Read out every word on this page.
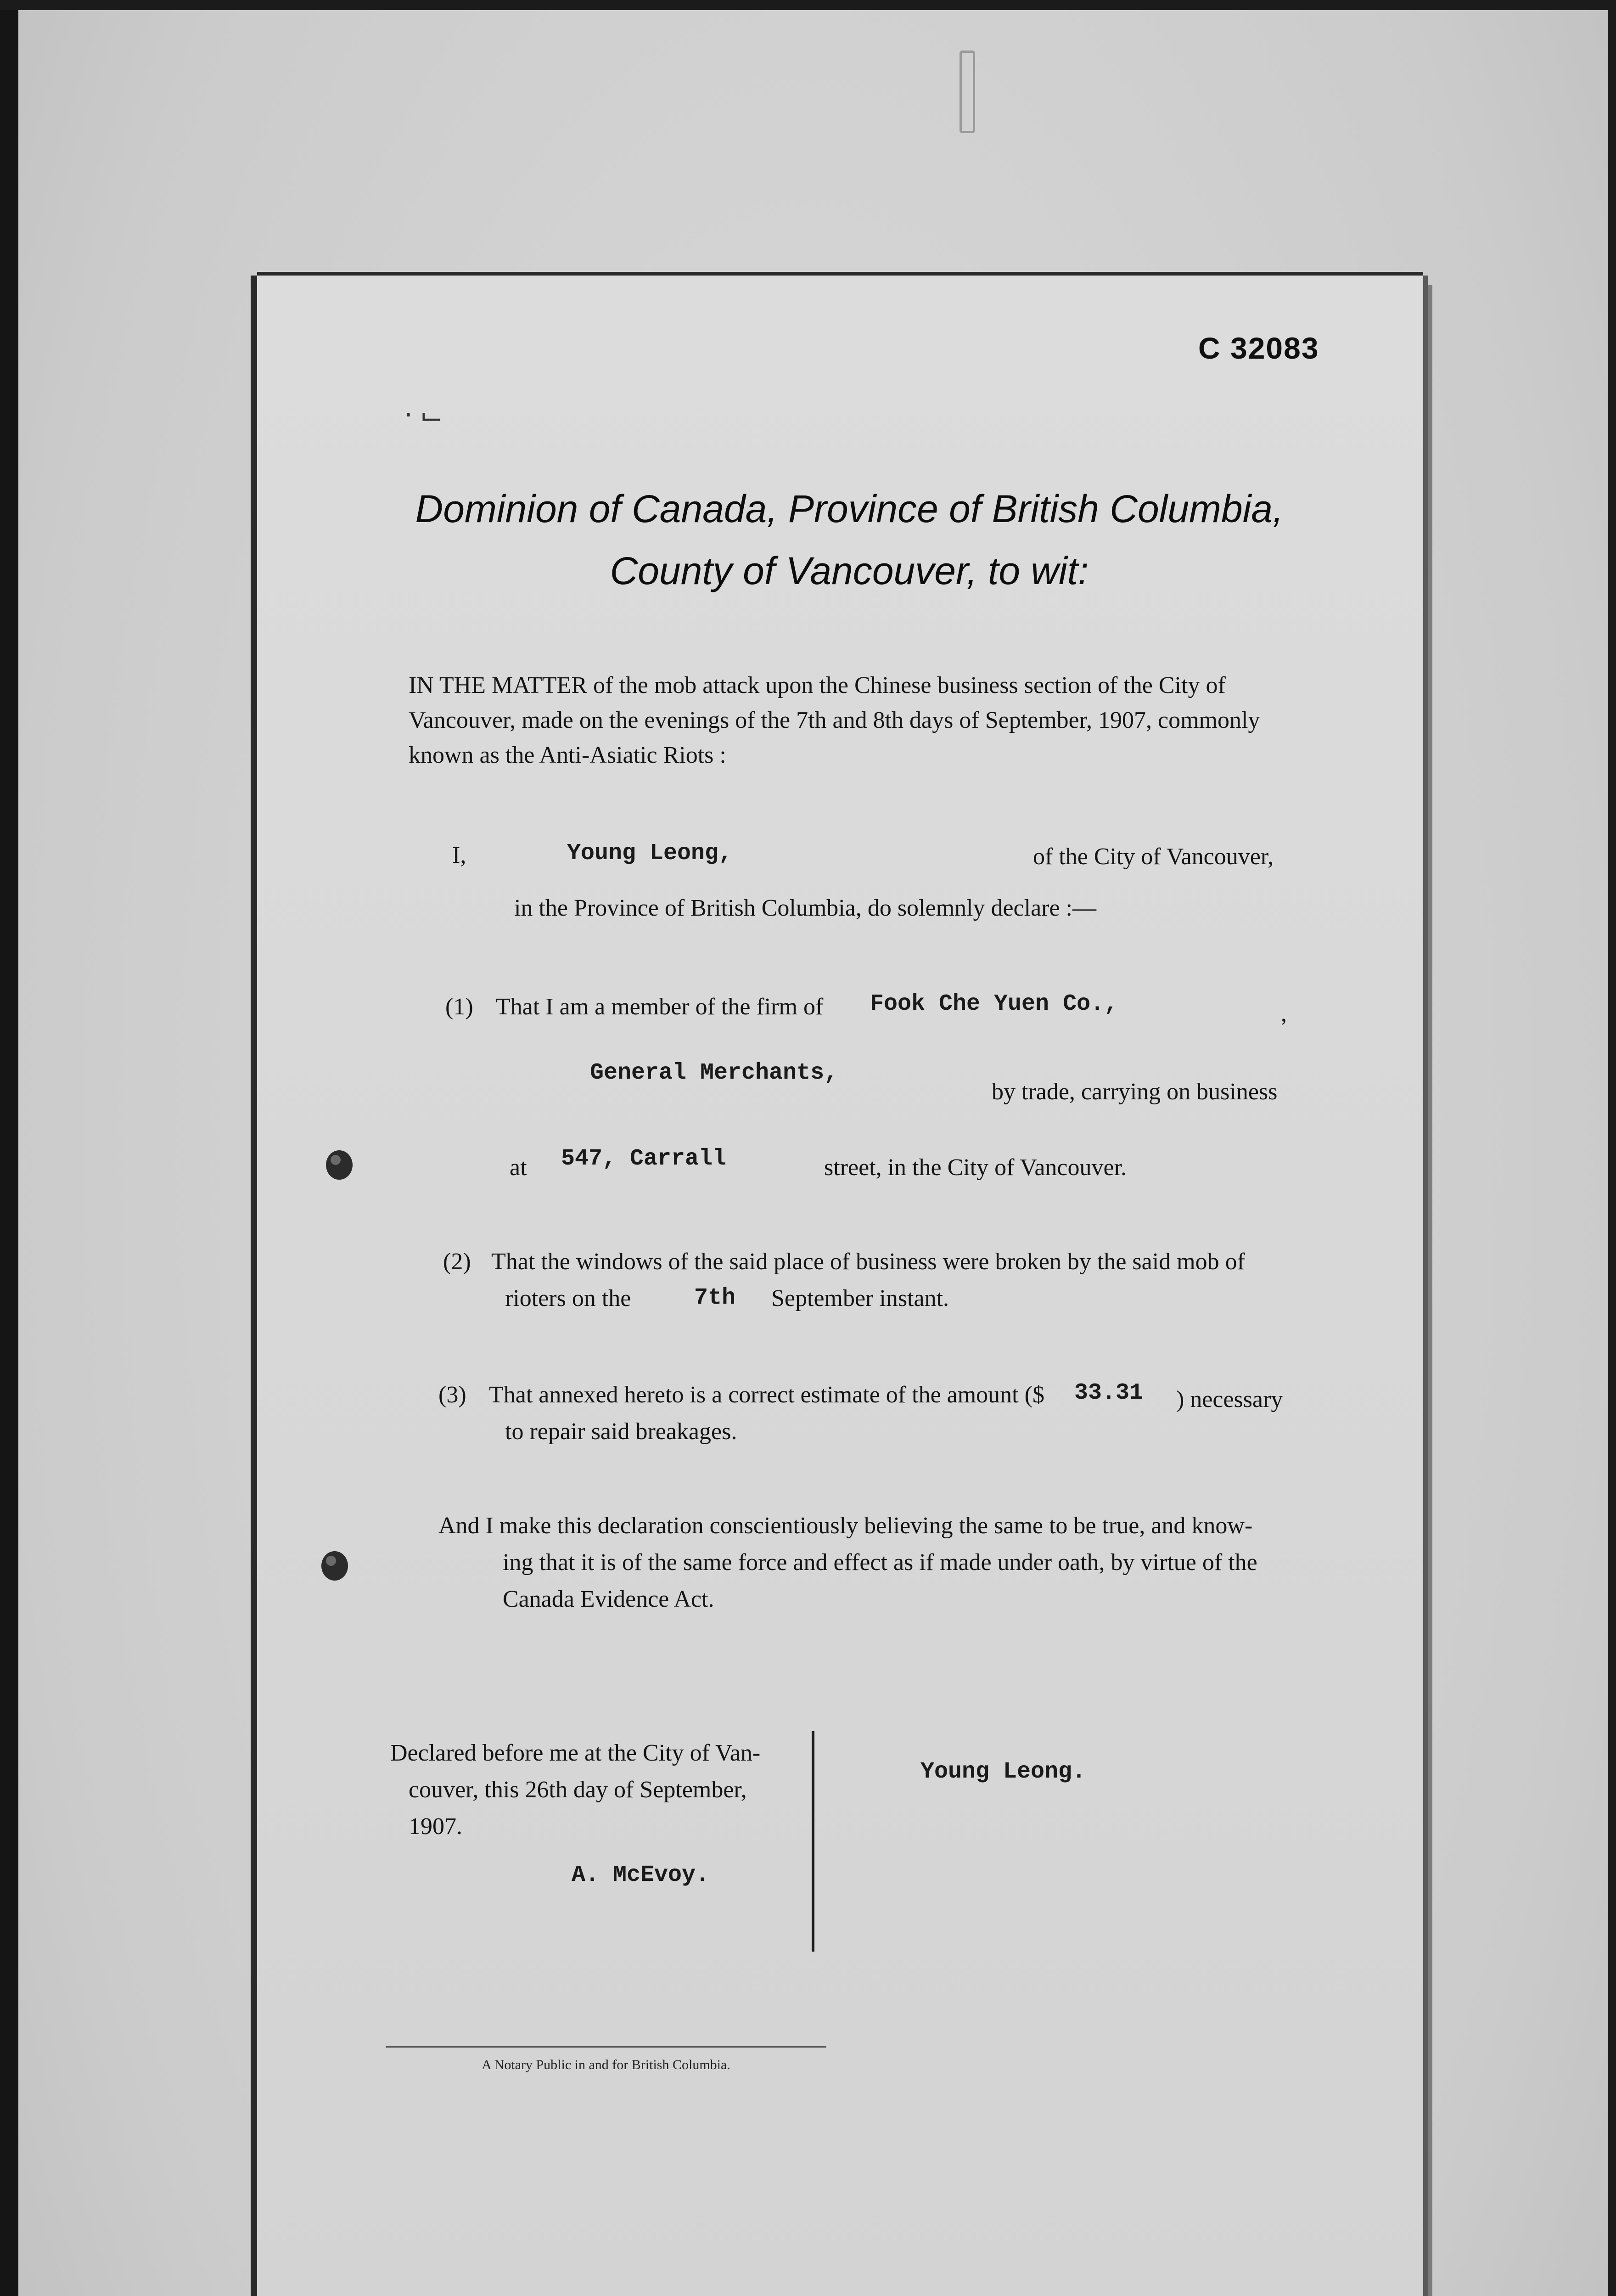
C 32083
‧ ⌙
Dominion of Canada, Province of British Columbia,
County of Vancouver, to wit:
IN THE MATTER of the mob attack upon the Chinese business section of the City of
Vancouver, made on the evenings of the 7th and 8th days of September, 1907, commonly
known as the Anti-Asiatic Riots :
I,	Young Leong,	of the City of Vancouver,
in the Province of British Columbia, do solemnly declare :—
(1) That I am a member of the firm of Fook Che Yuen Co.,	,
General Merchants,
by trade, carrying on business
at 547, Carrall	street, in the City of Vancouver.
(2) That the windows of the said place of business were broken by the said mob of
rioters on the	7th September instant.
(3) That annexed hereto is a correct estimate of the amount ($ 33.31 ) necessary
to repair said breakages.
And I make this declaration conscientiously believing the same to be true, and know-
ing that it is of the same force and effect as if made under oath, by virtue of the
Canada Evidence Act.
Declared before me at the City of Van-
couver, this 26th day of September,
1907.
A. McEvoy.
Young Leong.
A Notary Public in and for British Columbia.
